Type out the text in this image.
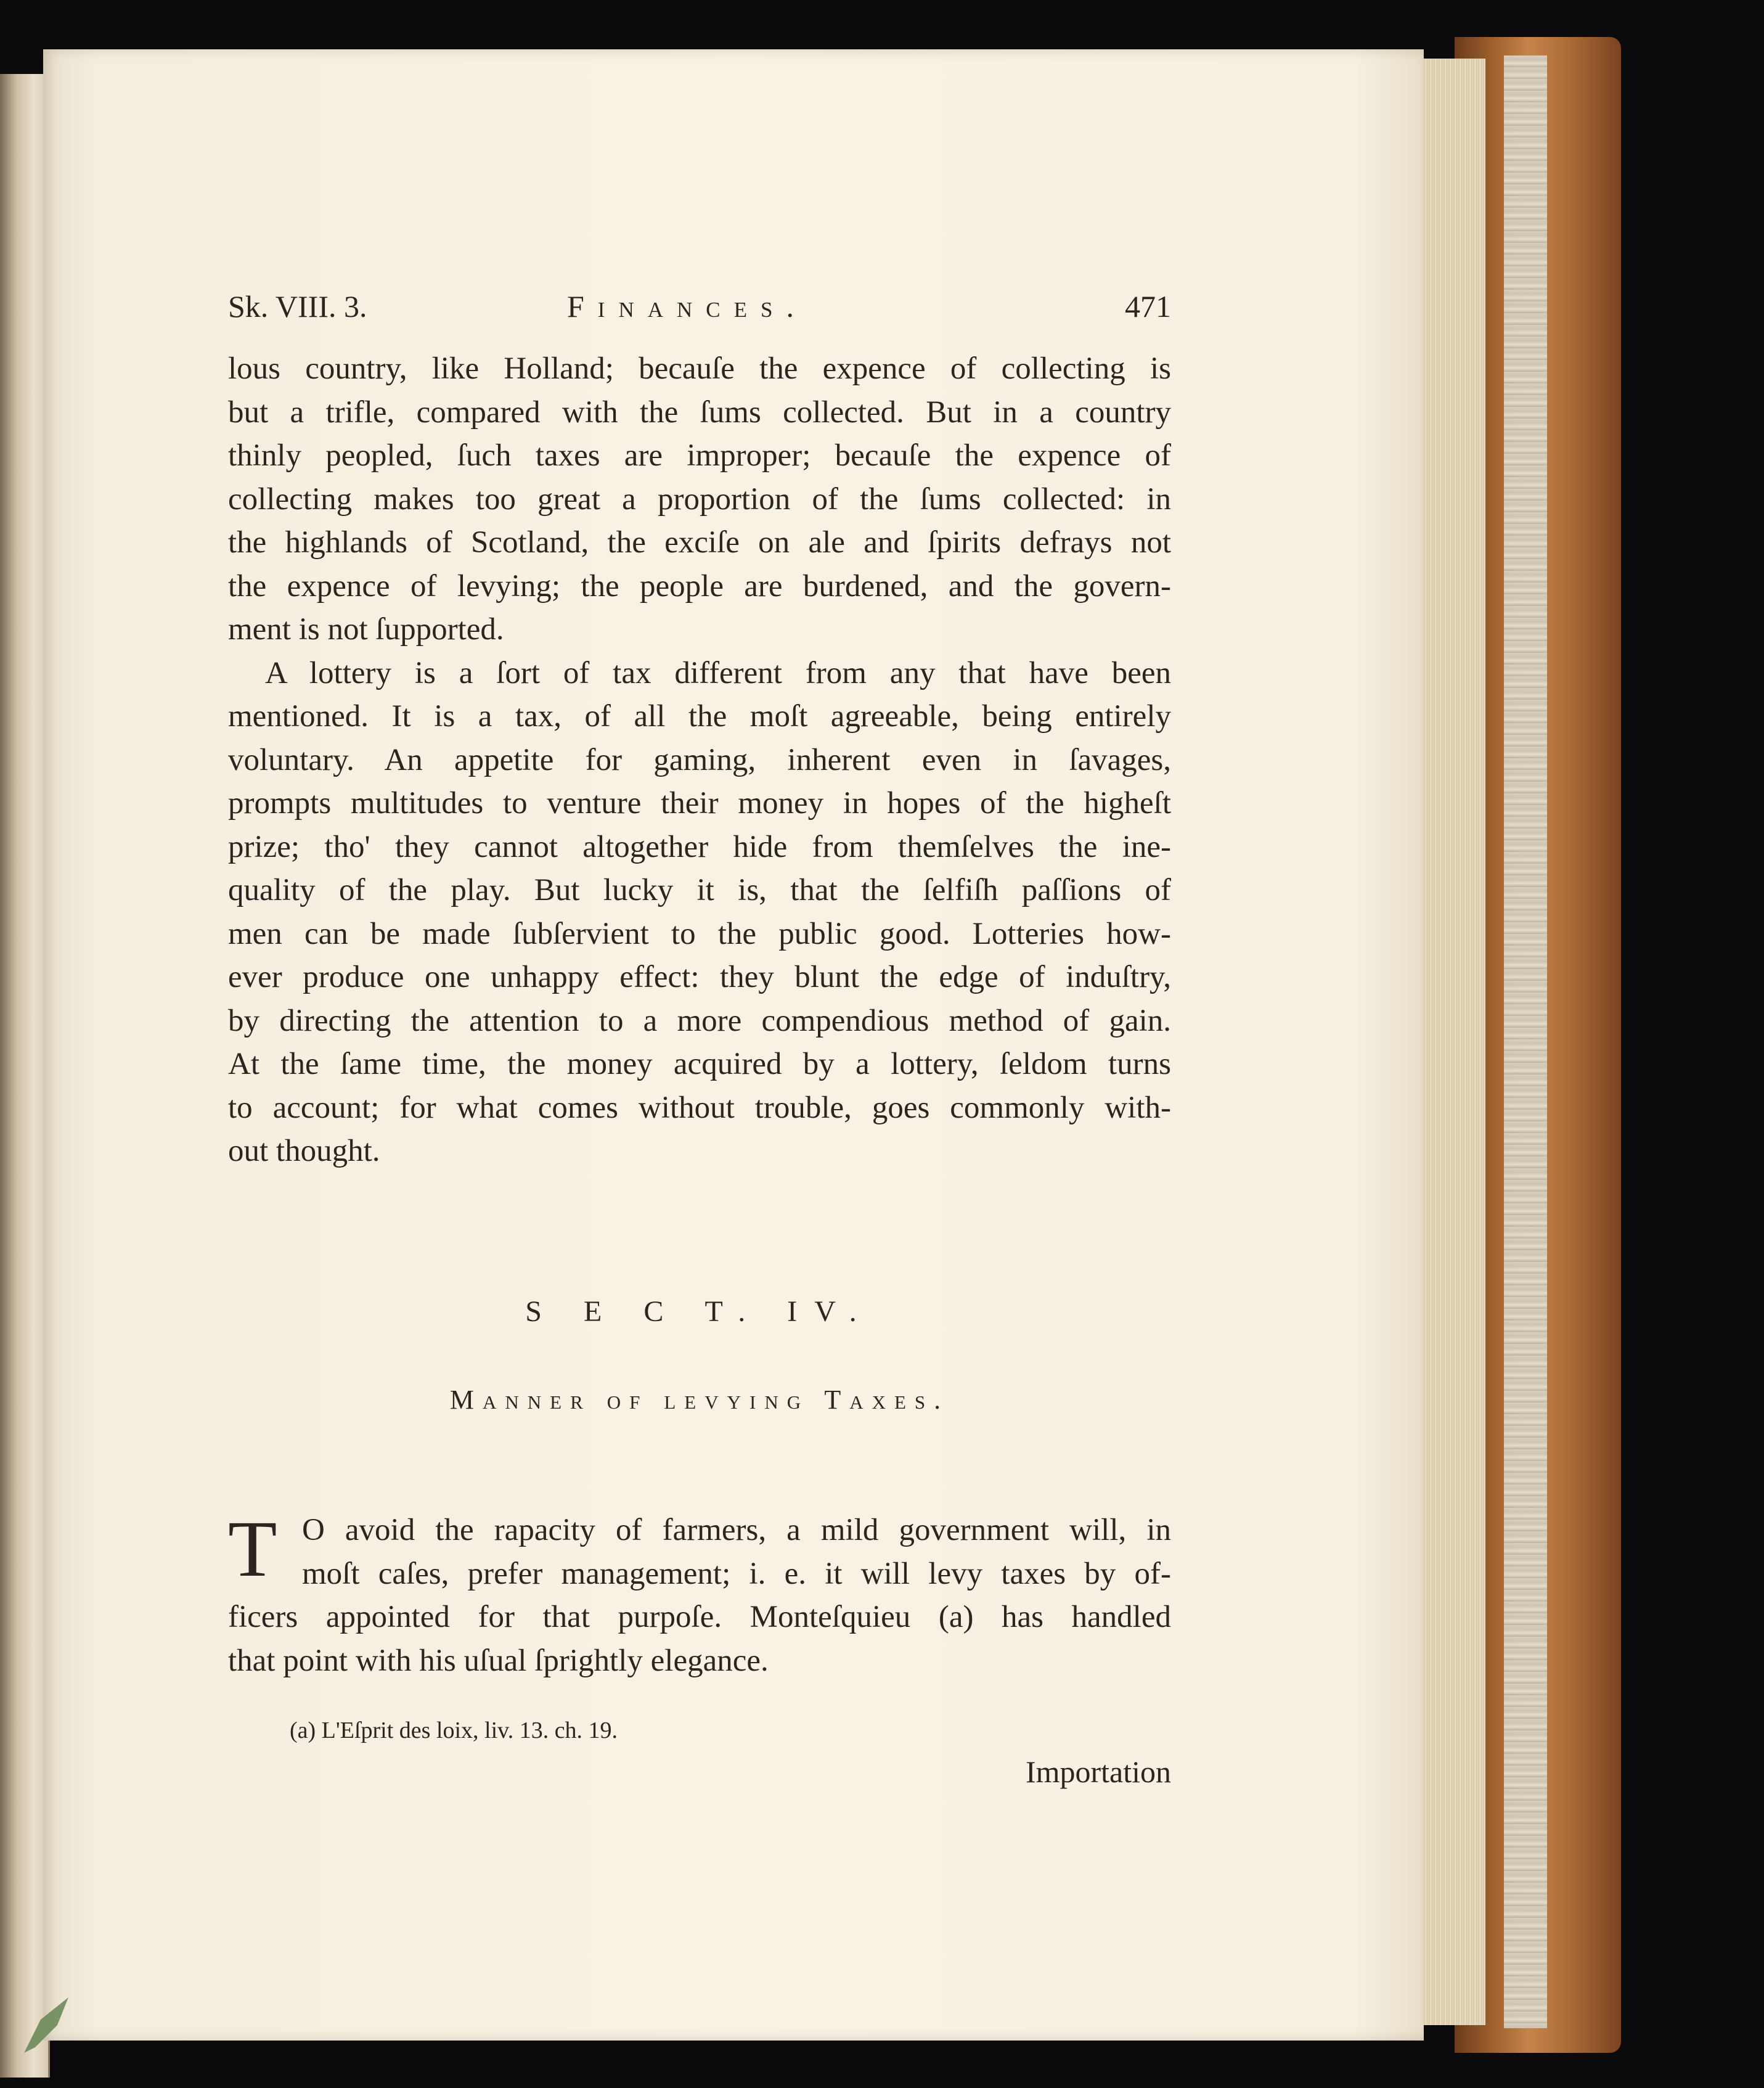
Sk. VIII. 3.	Finances.	471
lous country, like Holland; becauſe the expence of collecting is
but a trifle, compared with the ſums collected. But in a country
thinly peopled, ſuch taxes are improper; becauſe the expence of
collecting makes too great a proportion of the ſums collected: in
the highlands of Scotland, the exciſe on ale and ſpirits defrays not
the expence of levying; the people are burdened, and the govern-
ment is not ſupported.
A lottery is a ſort of tax different from any that have been
mentioned. It is a tax, of all the moſt agreeable, being entirely
voluntary. An appetite for gaming, inherent even in ſavages,
prompts multitudes to venture their money in hopes of the higheſt
prize; tho' they cannot altogether hide from themſelves the ine-
quality of the play. But lucky it is, that the ſelfiſh paſſions of
men can be made ſubſervient to the public good. Lotteries how-
ever produce one unhappy effect: they blunt the edge of induſtry,
by directing the attention to a more compendious method of gain.
At the ſame time, the money acquired by a lottery, ſeldom turns
to account; for what comes without trouble, goes commonly with-
out thought.
S E C T. IV.
Manner of levying Taxes.
T O avoid the rapacity of farmers, a mild government will, in
moſt caſes, prefer management; i. e. it will levy taxes by of-
ficers appointed for that purpoſe. Monteſquieu (a) has handled
that point with his uſual ſprightly elegance.
(a) L'Eſprit des loix, liv. 13. ch. 19.
Importation
